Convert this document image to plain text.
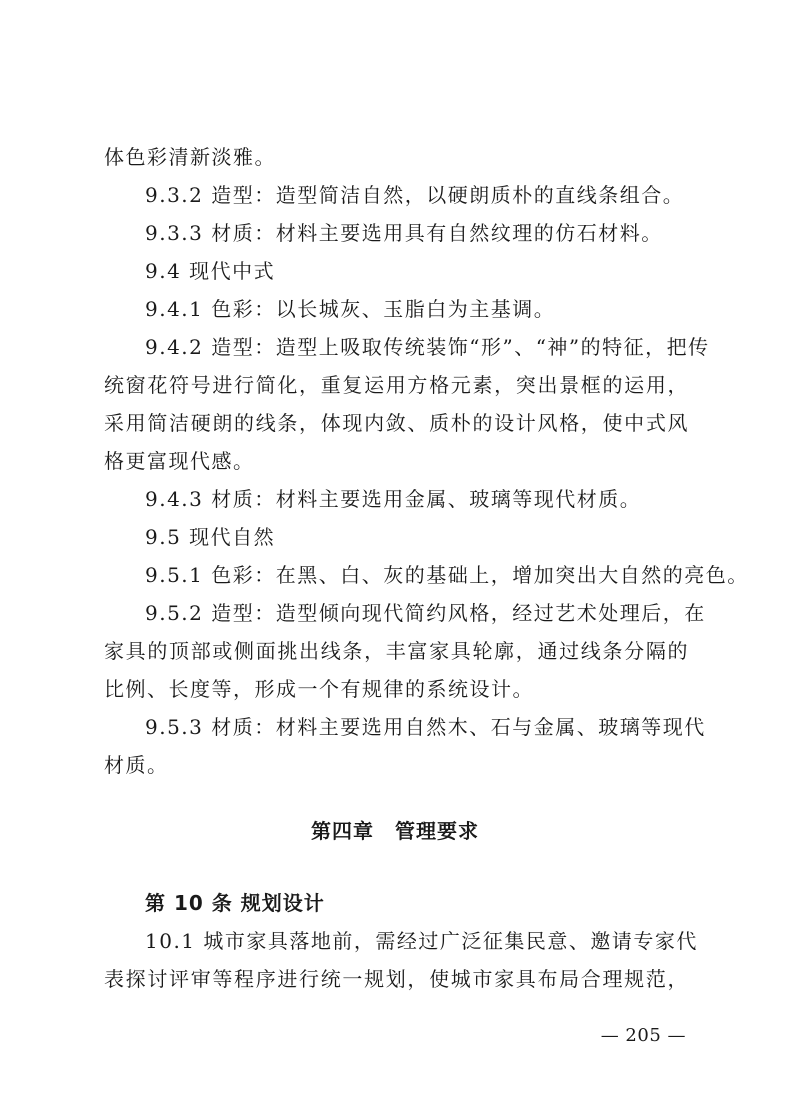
体色彩清新淡雅。
9.3.2 造型：造型简洁自然，以硬朗质朴的直线条组合。
9.3.3 材质：材料主要选用具有自然纹理的仿石材料。
9.4 现代中式
9.4.1 色彩：以长城灰、玉脂白为主基调。
9.4.2 造型：造型上吸取传统装饰“形”、“神”的特征，把传
统窗花符号进行简化，重复运用方格元素，突出景框的运用，
采用简洁硬朗的线条，体现内敛、质朴的设计风格，使中式风
格更富现代感。
9.4.3 材质：材料主要选用金属、玻璃等现代材质。
9.5 现代自然
9.5.1 色彩：在黑、白、灰的基础上，增加突出大自然的亮色。
9.5.2 造型：造型倾向现代简约风格，经过艺术处理后，在
家具的顶部或侧面挑出线条，丰富家具轮廓，通过线条分隔的
比例、长度等，形成一个有规律的系统设计。
9.5.3 材质：材料主要选用自然木、石与金属、玻璃等现代
材质。
第四章　管理要求
第 10 条 规划设计
10.1 城市家具落地前，需经过广泛征集民意、邀请专家代
表探讨评审等程序进行统一规划，使城市家具布局合理规范，
— 205 —
